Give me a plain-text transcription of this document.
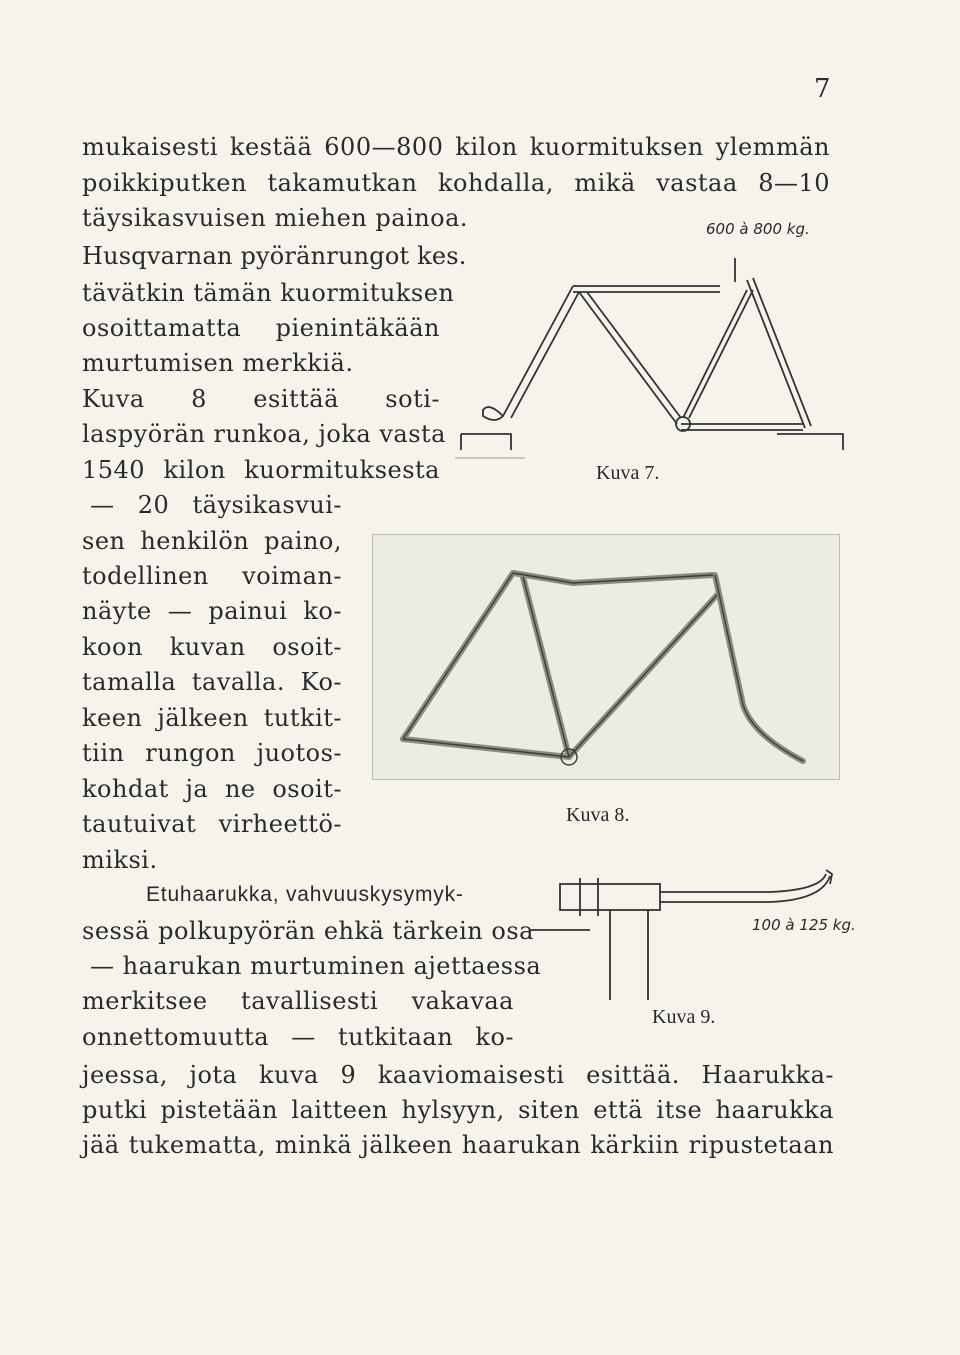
7
mukaisesti kestää 600—800 kilon kuormituksen ylemmän
poikkiputken takamutkan kohdalla, mikä vastaa 8—10
täysikasvuisen miehen painoa.
Husqvarnan pyöränrungot kes.
tävätkin tämän kuormituksen
osoittamatta pienintäkään
murtumisen merkkiä.
Kuva 8 esittää soti-
laspyörän runkoa, joka vasta
1540 kilon kuormituksesta
— 20 täysikasvui-
sen henkilön paino,
todellinen voiman-
näyte — painui ko-
koon kuvan osoit-
tamalla tavalla. Ko-
keen jälkeen tutkit-
tiin rungon juotos-
kohdat ja ne osoit-
tautuivat virheettö-
miksi.
Etuhaarukka, vahvuuskysymyk-
sessä polkupyörän ehkä tärkein osa
— haarukan murtuminen ajettaessa
merkitsee tavallisesti vakavaa
onnettomuutta — tutkitaan ko-
jeessa, jota kuva 9 kaaviomaisesti esittää. Haarukka-
putki pistetään laitteen hylsyyn, siten että itse haarukka
jää tukematta, minkä jälkeen haarukan kärkiin ripustetaan
600 à 800 kg.
Kuva 7.
Kuva 8.
100 à 125 kg.
Kuva 9.
